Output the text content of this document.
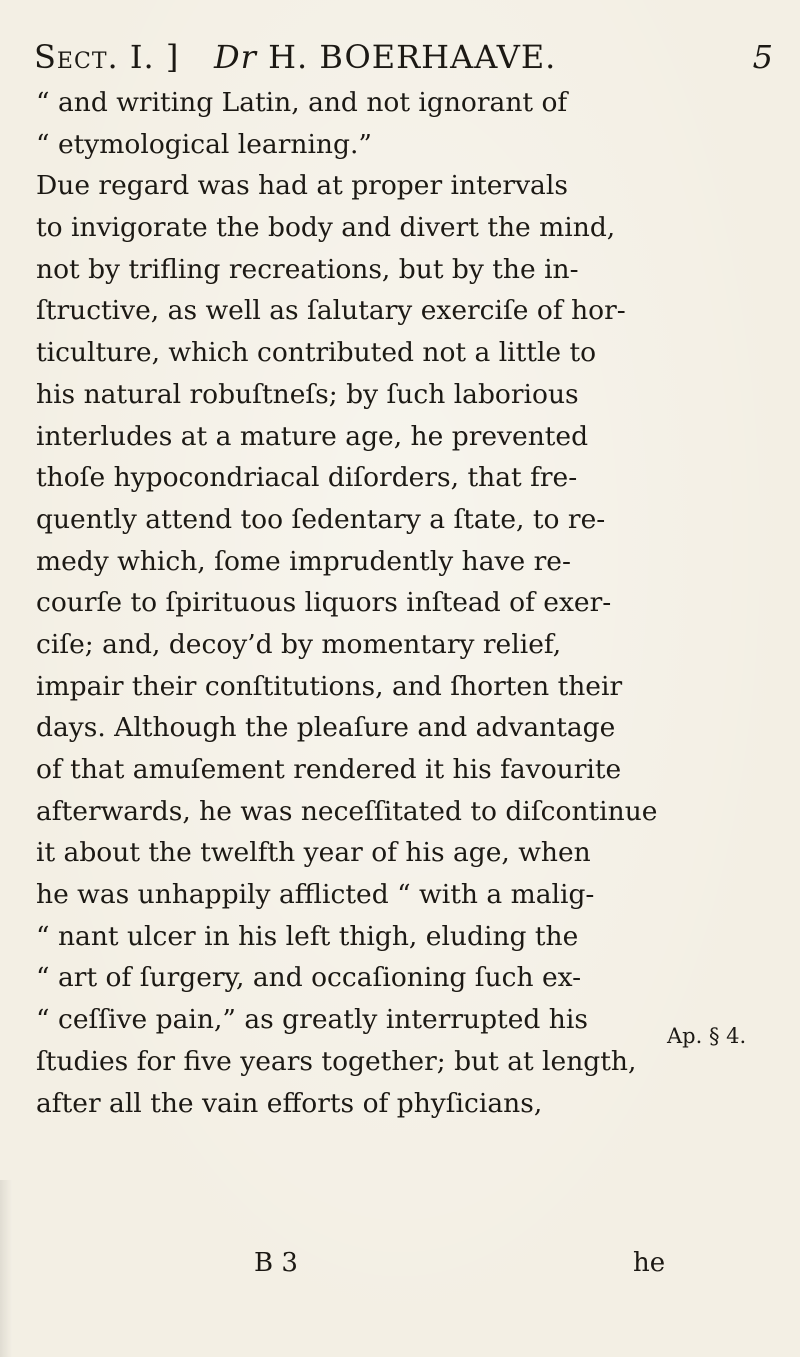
Sect. I. ] Dr H. BOERHAAVE.	5
“ and writing Latin, and not ignorant of
“ etymological learning.”
Due regard was had at proper intervals
to invigorate the body and divert the mind,
not by trifling recreations, but by the in-
ſtructive, as well as ſalutary exerciſe of hor-
ticulture, which contributed not a little to
his natural robuſtneſs; by ſuch laborious
interludes at a mature age, he prevented
thoſe hypocondriacal diſorders, that fre-
quently attend too ſedentary a ſtate, to re-
medy which, ſome imprudently have re-
courſe to ſpirituous liquors inſtead of exer-
ciſe; and, decoy’d by momentary relief,
impair their conſtitutions, and ſhorten their
days. Although the pleaſure and advantage
of that amuſement rendered it his favourite
afterwards, he was neceſſitated to diſcontinue
it about the twelfth year of his age, when
he was unhappily afflicted “ with a malig-
“ nant ulcer in his left thigh, eluding the
“ art of ſurgery, and occaſioning ſuch ex-
“ ceſſive pain,” as greatly interrupted his
ſtudies for five years together; but at length,
after all the vain efforts of phyſicians,
Ap. § 4.
B 3	he
